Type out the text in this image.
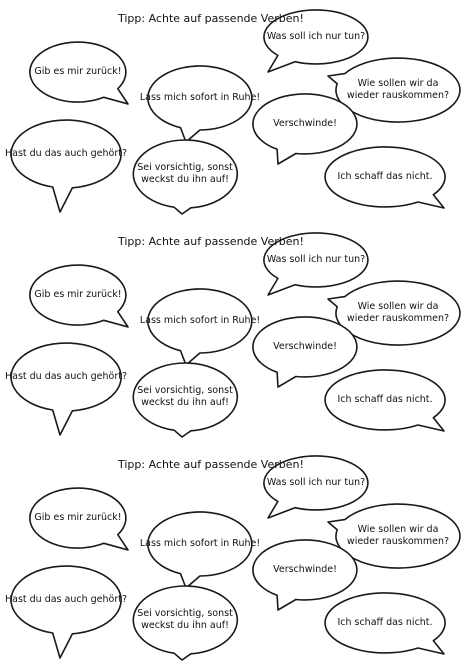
Tipp: Achte auf passende Verben!
Was soll ich nur tun?
Gib es mir zurück!
Wie sollen wir da
wieder rauskommen?
Lass mich sofort in Ruhe!
Verschwinde!
Hast du das auch gehört?
Sei vorsichtig, sonst
weckst du ihn auf!	Ich schaff das nicht.
Tipp: Achte auf passende Verben!
Was soll ich nur tun?
Gib es mir zurück!
Wie sollen wir da
wieder rauskommen?
Lass mich sofort in Ruhe!
Verschwinde!
Hast du das auch gehört?
Sei vorsichtig, sonst
weckst du ihn auf!	Ich schaff das nicht.
Tipp: Achte auf passende Verben!
Was soll ich nur tun?
Gib es mir zurück!
Wie sollen wir da
wieder rauskommen?
Lass mich sofort in Ruhe!
Verschwinde!
Hast du das auch gehört?
Sei vorsichtig, sonst
weckst du ihn auf!	Ich schaff das nicht.
